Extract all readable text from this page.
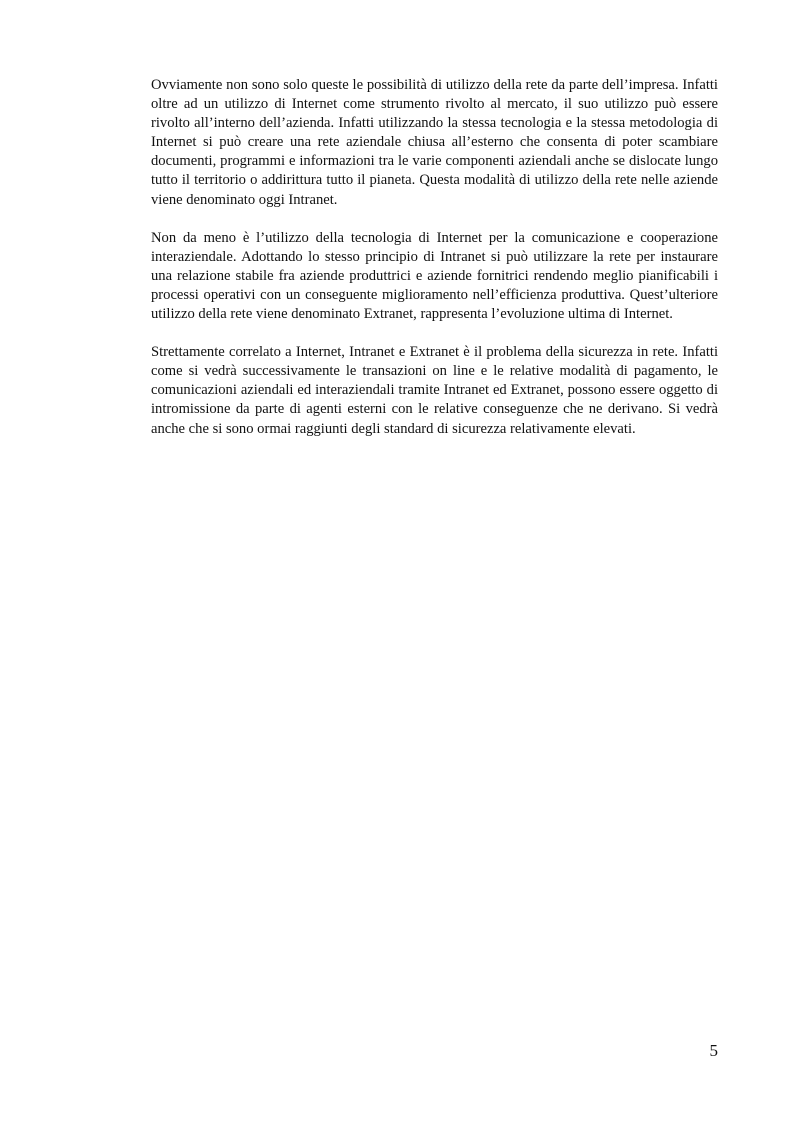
Ovviamente non sono solo queste le possibilità di utilizzo della rete da parte dell’impresa. Infatti oltre ad un utilizzo di Internet come strumento rivolto al mercato, il suo utilizzo può essere rivolto all’interno dell’azienda. Infatti utilizzando la stessa tecnologia e la stessa metodologia di Internet si può creare una rete aziendale chiusa all’esterno che consenta di poter scambiare documenti, programmi e informazioni tra le varie componenti aziendali anche se dislocate lungo tutto il territorio o addirittura tutto il pianeta. Questa modalità di utilizzo della rete nelle aziende viene denominato oggi Intranet.

Non da meno è l’utilizzo della tecnologia di Internet per la comunicazione e cooperazione interaziendale. Adottando lo stesso principio di Intranet si può utilizzare la rete per instaurare una relazione stabile fra aziende produttrici e aziende fornitrici rendendo meglio pianificabili i processi operativi con un conseguente miglioramento nell’efficienza produttiva. Quest’ulteriore utilizzo della rete viene denominato Extranet, rappresenta l’evoluzione ultima di Internet.

Strettamente correlato a Internet, Intranet e Extranet è il problema della sicurezza in rete. Infatti come si vedrà successivamente le transazioni on line e le relative modalità di pagamento, le comunicazioni aziendali ed interaziendali tramite Intranet ed Extranet, possono essere oggetto di intromissione da parte di agenti esterni con le relative conseguenze che ne derivano. Si vedrà anche che si sono ormai raggiunti degli standard di sicurezza relativamente elevati.

5
